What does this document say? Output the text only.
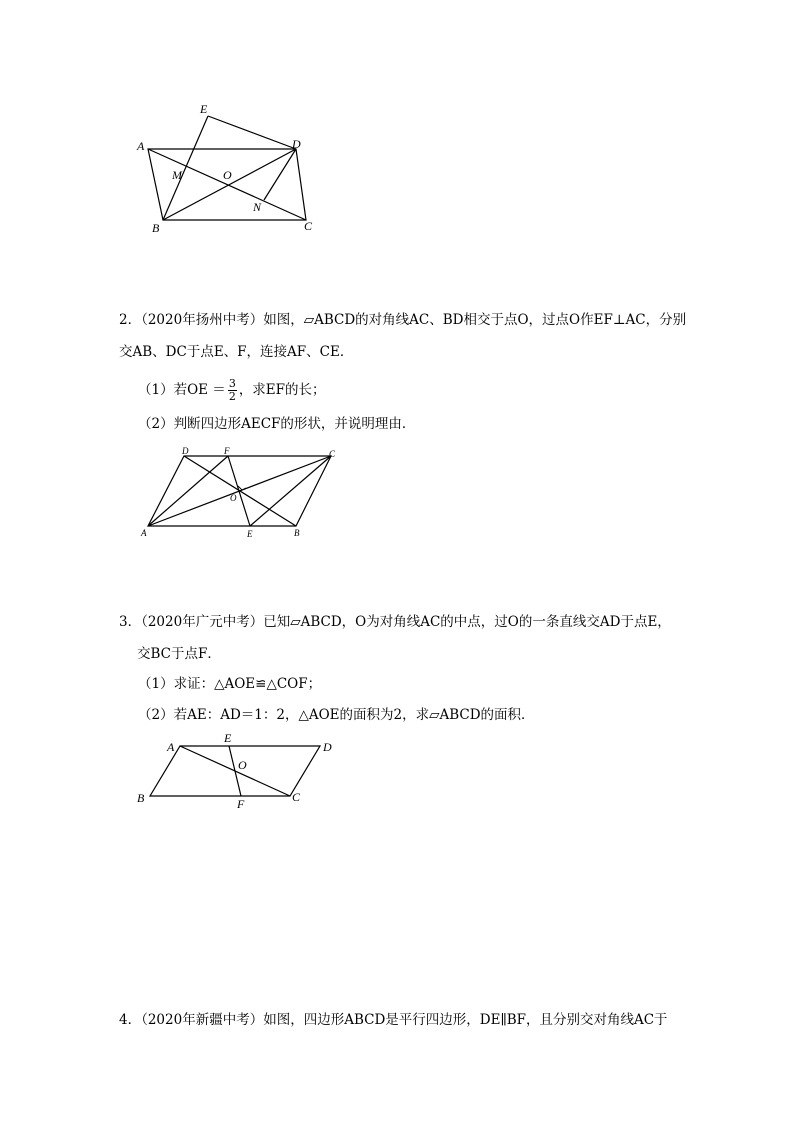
A
B	C
D
E
M
N
O
2．（2020年扬州中考）如图，▱ABCD的对角线AC、BD相交于点O，过点O作EF⊥AC，分别
交AB、DC于点E、F，连接AF、CE．
（1）若OE ＝ $\frac{3}{2}$ ，求EF的长；
（2）判断四边形AECF的形状，并说明理由．
A	B
C
D
E
F
O
3．（2020年广元中考）已知▱ABCD，O为对角线AC的中点，过O的一条直线交AD于点E，
交BC于点F．
（1）求证：△AOE≌△COF；
（2）若AE：AD＝1：2，△AOE的面积为2，求▱ABCD的面积．
A
B	C
D
E
F
O
4．（2020年新疆中考）如图，四边形ABCD是平行四边形，DE∥BF，且分别交对角线AC于
